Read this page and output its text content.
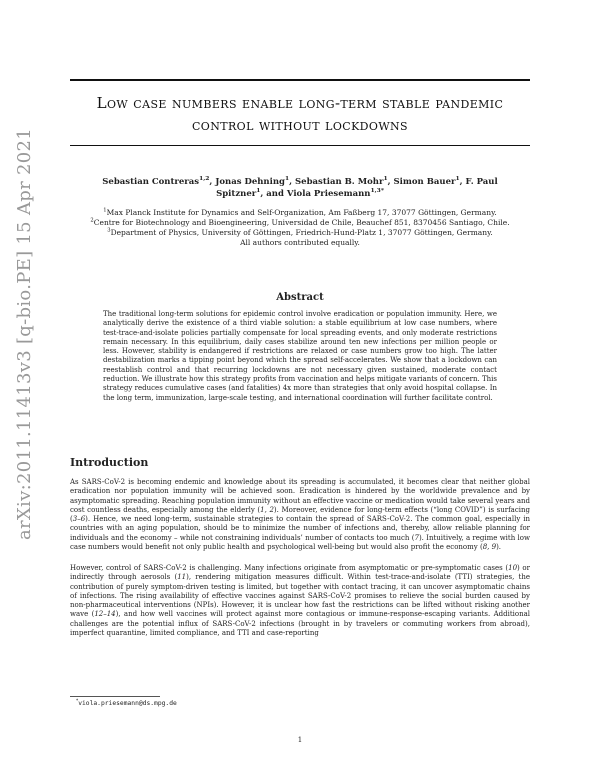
arXiv:2011.11413v3 [q-bio.PE] 15 Apr 2021
Low case numbers enable long-term stable pandemic
control without lockdowns
Sebastian Contreras$^{1,2}$, Jonas Dehning$^1$, Sebastian B. Mohr$^1$, Simon Bauer$^1$, F. Paul Spitzner$^1$, and Viola Priesemann$^{1,3*}$
$^1$Max Planck Institute for Dynamics and Self-Organization, Am Faßberg 17, 37077 Göttingen, Germany.
$^2$Centre for Biotechnology and Bioengineering, Universidad de Chile, Beauchef 851, 8370456 Santiago, Chile.
$^3$Department of Physics, University of Göttingen, Friedrich-Hund-Platz 1, 37077 Göttingen, Germany.
All authors contributed equally.
Abstract
The traditional long-term solutions for epidemic control involve eradication or population immunity. Here, we analytically derive the existence of a third viable solution: a stable equilibrium at low case numbers, where test-trace-and-isolate policies partially compensate for local spreading events, and only moderate restrictions remain necessary. In this equilibrium, daily cases stabilize around ten new infections per million people or less. However, stability is endangered if restrictions are relaxed or case numbers grow too high. The latter destabilization marks a tipping point beyond which the spread self-accelerates. We show that a lockdown can reestablish control and that recurring lockdowns are not necessary given sustained, moderate contact reduction. We illustrate how this strategy profits from vaccination and helps mitigate variants of concern. This strategy reduces cumulative cases (and fatalities) 4x more than strategies that only avoid hospital collapse. In the long term, immunization, large-scale testing, and international coordination will further facilitate control.
Introduction
As SARS-CoV-2 is becoming endemic and knowledge about its spreading is accumulated, it becomes clear that neither global eradication nor population immunity will be achieved soon. Eradication is hindered by the worldwide prevalence and by asymptomatic spreading. Reaching population immunity without an effective vaccine or medication would take several years and cost countless deaths, especially among the elderly (1, 2). Moreover, evidence for long-term effects (“long COVID”) is surfacing (3–6). Hence, we need long-term, sustainable strategies to contain the spread of SARS-CoV-2. The common goal, especially in countries with an aging population, should be to minimize the number of infections and, thereby, allow reliable planning for individuals and the economy – while not constraining individuals’ number of contacts too much (7). Intuitively, a regime with low case numbers would benefit not only public health and psychological well-being but would also profit the economy (8, 9).
However, control of SARS-CoV-2 is challenging. Many infections originate from asymptomatic or pre-symptomatic cases (10) or indirectly through aerosols (11), rendering mitigation measures difficult. Within test-trace-and-isolate (TTI) strategies, the contribution of purely symptom-driven testing is limited, but together with contact tracing, it can uncover asymptomatic chains of infections. The rising availability of effective vaccines against SARS-CoV-2 promises to relieve the social burden caused by non-pharmaceutical interventions (NPIs). However, it is unclear how fast the restrictions can be lifted without risking another wave (12–14), and how well vaccines will protect against more contagious or immune-response-escaping variants. Additional challenges are the potential influx of SARS-CoV-2 infections (brought in by travelers or commuting workers from abroad), imperfect quarantine, limited compliance, and TTI and case-reporting
*viola.priesemann@ds.mpg.de
1
